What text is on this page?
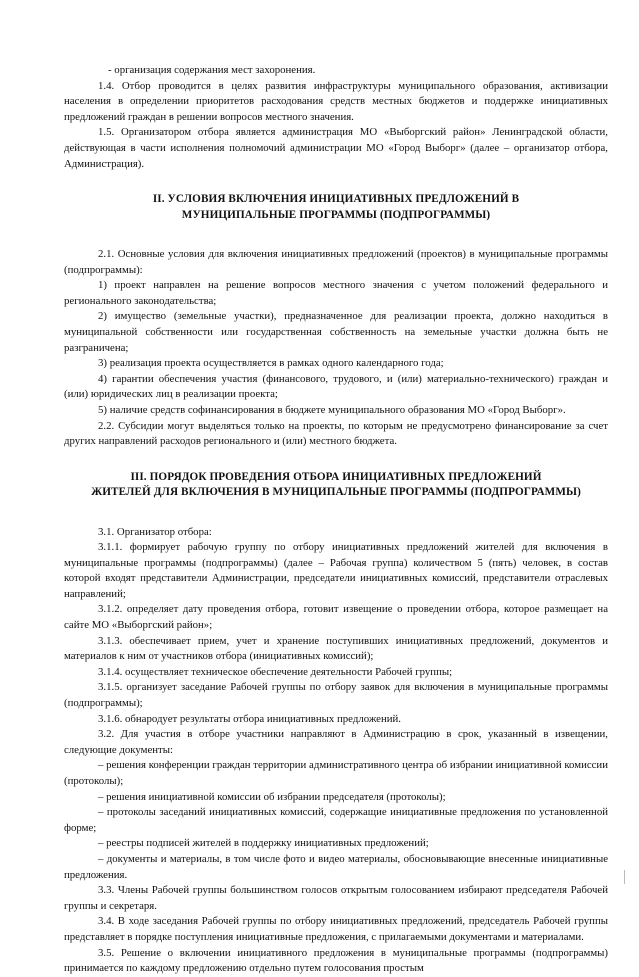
- организация содержания мест захоронения.

1.4. Отбор проводится в целях развития инфраструктуры муниципального образования, активизации населения в определении приоритетов расходования средств местных бюджетов и поддержке инициативных предложений граждан в решении вопросов местного значения.

1.5. Организатором отбора является администрация МО «Выборгский район» Ленинградской области, действующая в части исполнения полномочий администрации МО «Город Выборг» (далее – организатор отбора, Администрация).

II. УСЛОВИЯ ВКЛЮЧЕНИЯ ИНИЦИАТИВНЫХ ПРЕДЛОЖЕНИЙ В
МУНИЦИПАЛЬНЫЕ ПРОГРАММЫ (ПОДПРОГРАММЫ)

2.1. Основные условия для включения инициативных предложений (проектов) в муниципальные программы (подпрограммы):

1) проект направлен на решение вопросов местного значения с учетом положений федерального и регионального законодательства;

2) имущество (земельные участки), предназначенное для реализации проекта, должно находиться в муниципальной собственности или государственная собственность на земельные участки должна быть не разграничена;

3) реализация проекта осуществляется в рамках одного календарного года;

4) гарантии обеспечения участия (финансового, трудового, и (или) материально-технического) граждан и (или) юридических лиц в реализации проекта;

5) наличие средств софинансирования в бюджете муниципального образования МО «Город Выборг».

2.2. Субсидии могут выделяться только на проекты, по которым не предусмотрено финансирование за счет других направлений расходов регионального и (или) местного бюджета.

III. ПОРЯДОК ПРОВЕДЕНИЯ ОТБОРА ИНИЦИАТИВНЫХ ПРЕДЛОЖЕНИЙ
ЖИТЕЛЕЙ ДЛЯ ВКЛЮЧЕНИЯ В МУНИЦИПАЛЬНЫЕ ПРОГРАММЫ (ПОДПРОГРАММЫ)

3.1. Организатор отбора:

3.1.1. формирует рабочую группу по отбору инициативных предложений жителей для включения в муниципальные программы (подпрограммы) (далее – Рабочая группа) количеством 5 (пять) человек, в состав которой входят представители Администрации, председатели инициативных комиссий, представители отраслевых направлений;

3.1.2. определяет дату проведения отбора, готовит извещение о проведении отбора, которое размещает на сайте МО «Выборгский район»;

3.1.3. обеспечивает прием, учет и хранение поступивших инициативных предложений, документов и материалов к ним от участников отбора (инициативных комиссий);

3.1.4. осуществляет техническое обеспечение деятельности Рабочей группы;

3.1.5. организует заседание Рабочей группы по отбору заявок для включения в муниципальные программы (подпрограммы);

3.1.6. обнародует результаты отбора инициативных предложений.

3.2. Для участия в отборе участники направляют в Администрацию в срок, указанный в извещении, следующие документы:

– решения конференции граждан территории административного центра об избрании инициативной комиссии (протоколы);

– решения инициативной комиссии об избрании председателя (протоколы);

– протоколы заседаний инициативных комиссий, содержащие инициативные предложения по установленной форме;

– реестры подписей жителей в поддержку инициативных предложений;

– документы и материалы, в том числе фото и видео материалы, обосновывающие внесенные инициативные предложения.

3.3. Члены Рабочей группы большинством голосов открытым голосованием избирают председателя Рабочей группы и секретаря.

3.4. В ходе заседания Рабочей группы по отбору инициативных предложений, председатель Рабочей группы представляет в порядке поступления инициативные предложения, с прилагаемыми документами и материалами.

3.5. Решение о включении инициативного предложения в муниципальные программы (подпрограммы) принимается по каждому предложению отдельно путем голосования простым
